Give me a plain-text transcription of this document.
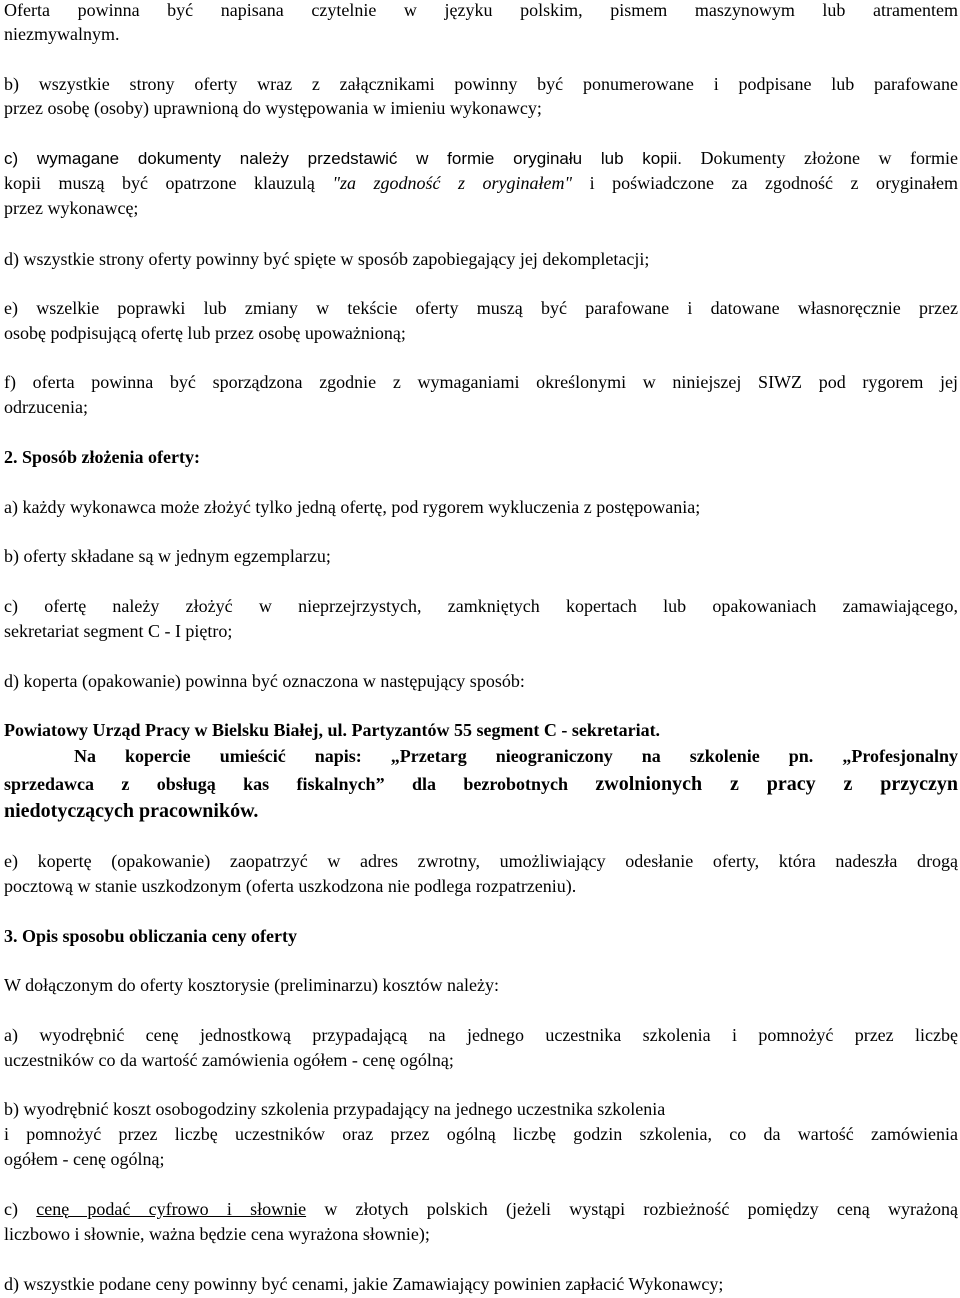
Oferta powinna być napisana czytelnie w języku polskim, pismem maszynowym lub atramentem
niezmywalnym.
b) wszystkie strony oferty wraz z załącznikami powinny być ponumerowane i podpisane lub parafowane
przez osobę (osoby) uprawnioną do występowania w imieniu wykonawcy;
c) wymagane dokumenty należy przedstawić w formie oryginału lub kopii. Dokumenty złożone w formie
kopii muszą być opatrzone klauzulą "za zgodność z oryginałem" i poświadczone za zgodność z oryginałem
przez wykonawcę;
d) wszystkie strony oferty powinny być spięte w sposób zapobiegający jej dekompletacji;
e) wszelkie poprawki lub zmiany w tekście oferty muszą być parafowane i datowane własnoręcznie przez
osobę podpisującą ofertę lub przez osobę upoważnioną;
f) oferta powinna być sporządzona zgodnie z wymaganiami określonymi w niniejszej SIWZ pod rygorem jej
odrzucenia;
2. Sposób złożenia oferty:
a) każdy wykonawca może złożyć tylko jedną ofertę, pod rygorem wykluczenia z postępowania;
b) oferty składane są w jednym egzemplarzu;
c) ofertę należy złożyć w nieprzejrzystych, zamkniętych kopertach lub opakowaniach zamawiającego,
sekretariat segment C - I piętro;
d) koperta (opakowanie) powinna być oznaczona w następujący sposób:
Powiatowy Urząd Pracy w Bielsku Białej, ul. Partyzantów 55 segment C - sekretariat.
Na kopercie umieścić napis: „Przetarg nieograniczony na szkolenie pn. „Profesjonalny
sprzedawca z obsługą kas fiskalnych” dla bezrobotnych zwolnionych z pracy z przyczyn
niedotyczących pracowników.
e) kopertę (opakowanie) zaopatrzyć w adres zwrotny, umożliwiający odesłanie oferty, która nadeszła drogą
pocztową w stanie uszkodzonym (oferta uszkodzona nie podlega rozpatrzeniu).
3. Opis sposobu obliczania ceny oferty
W dołączonym do oferty kosztorysie (preliminarzu) kosztów należy:
a) wyodrębnić cenę jednostkową przypadającą na jednego uczestnika szkolenia i pomnożyć przez liczbę
uczestników co da wartość zamówienia ogółem - cenę ogólną;
b) wyodrębnić koszt osobogodziny szkolenia przypadający na jednego uczestnika szkolenia
i pomnożyć przez liczbę uczestników oraz przez ogólną liczbę godzin szkolenia, co da wartość zamówienia
ogółem - cenę ogólną;
c) cenę podać cyfrowo i słownie w złotych polskich (jeżeli wystąpi rozbieżność pomiędzy ceną wyrażoną
liczbowo i słownie, ważna będzie cena wyrażona słownie);
d) wszystkie podane ceny powinny być cenami, jakie Zamawiający powinien zapłacić Wykonawcy;
